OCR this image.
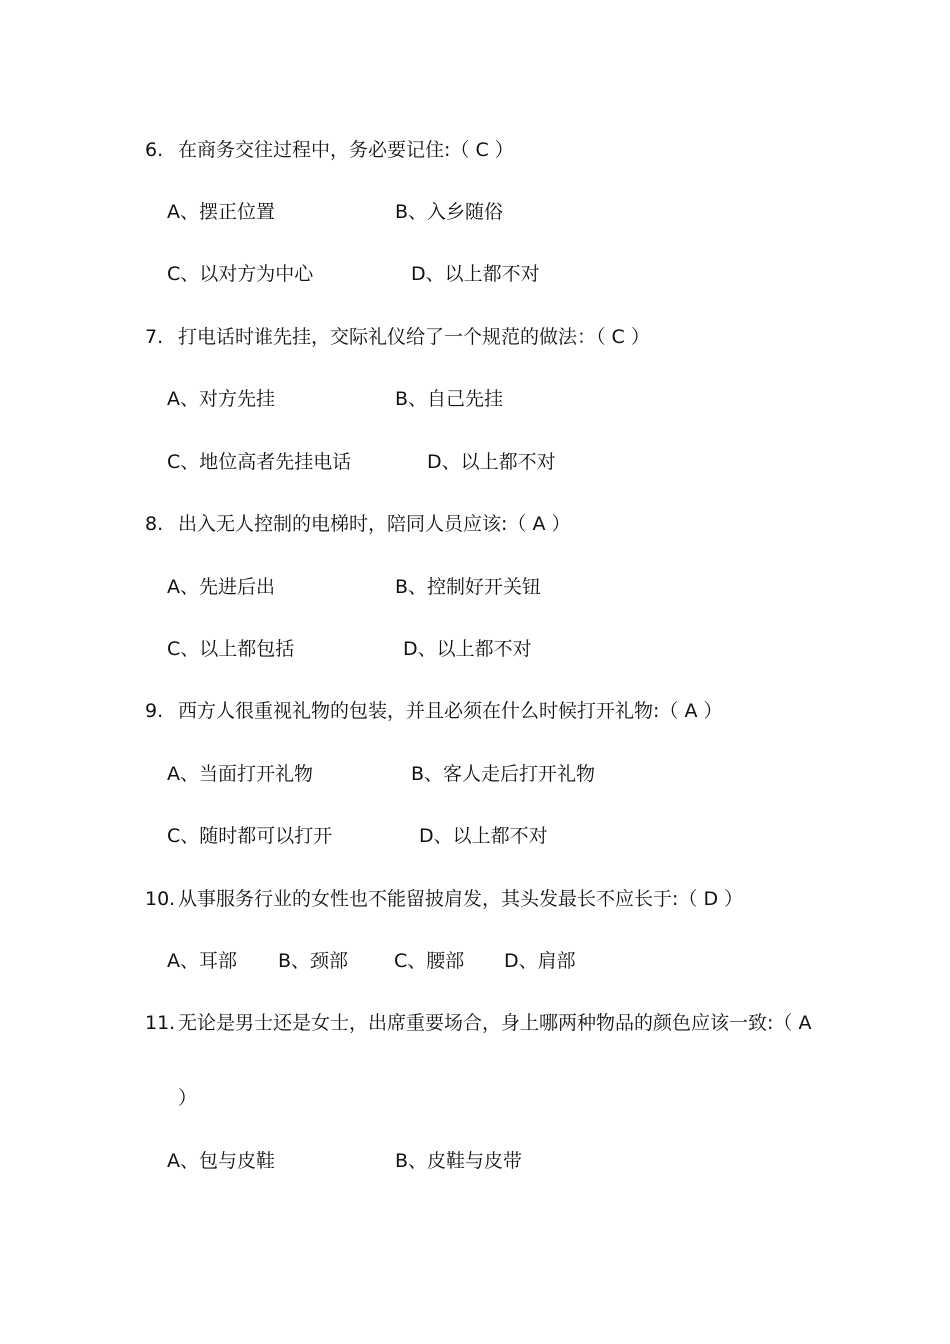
6. 在商务交往过程中，务必要记住:（ C ）
A、摆正位置	B、入乡随俗
C、以对方为中心	D、以上都不对
7. 打电话时谁先挂，交际礼仪给了一个规范的做法：（ C ）
A、对方先挂	B、自己先挂
C、地位高者先挂电话	D、以上都不对
8. 出入无人控制的电梯时，陪同人员应该:（ A ）
A、先进后出	B、控制好开关钮
C、以上都包括	D、以上都不对
9. 西方人很重视礼物的包装，并且必须在什么时候打开礼物:（ A ）
A、当面打开礼物	B、客人走后打开礼物
C、随时都可以打开	D、以上都不对
10. 从事服务行业的女性也不能留披肩发，其头发最长不应长于:（ D ）
A、耳部 B、颈部 C、腰部 D、肩部
11. 无论是男士还是女士，出席重要场合，身上哪两种物品的颜色应该一致:（ A
）
A、包与皮鞋	B、皮鞋与皮带
